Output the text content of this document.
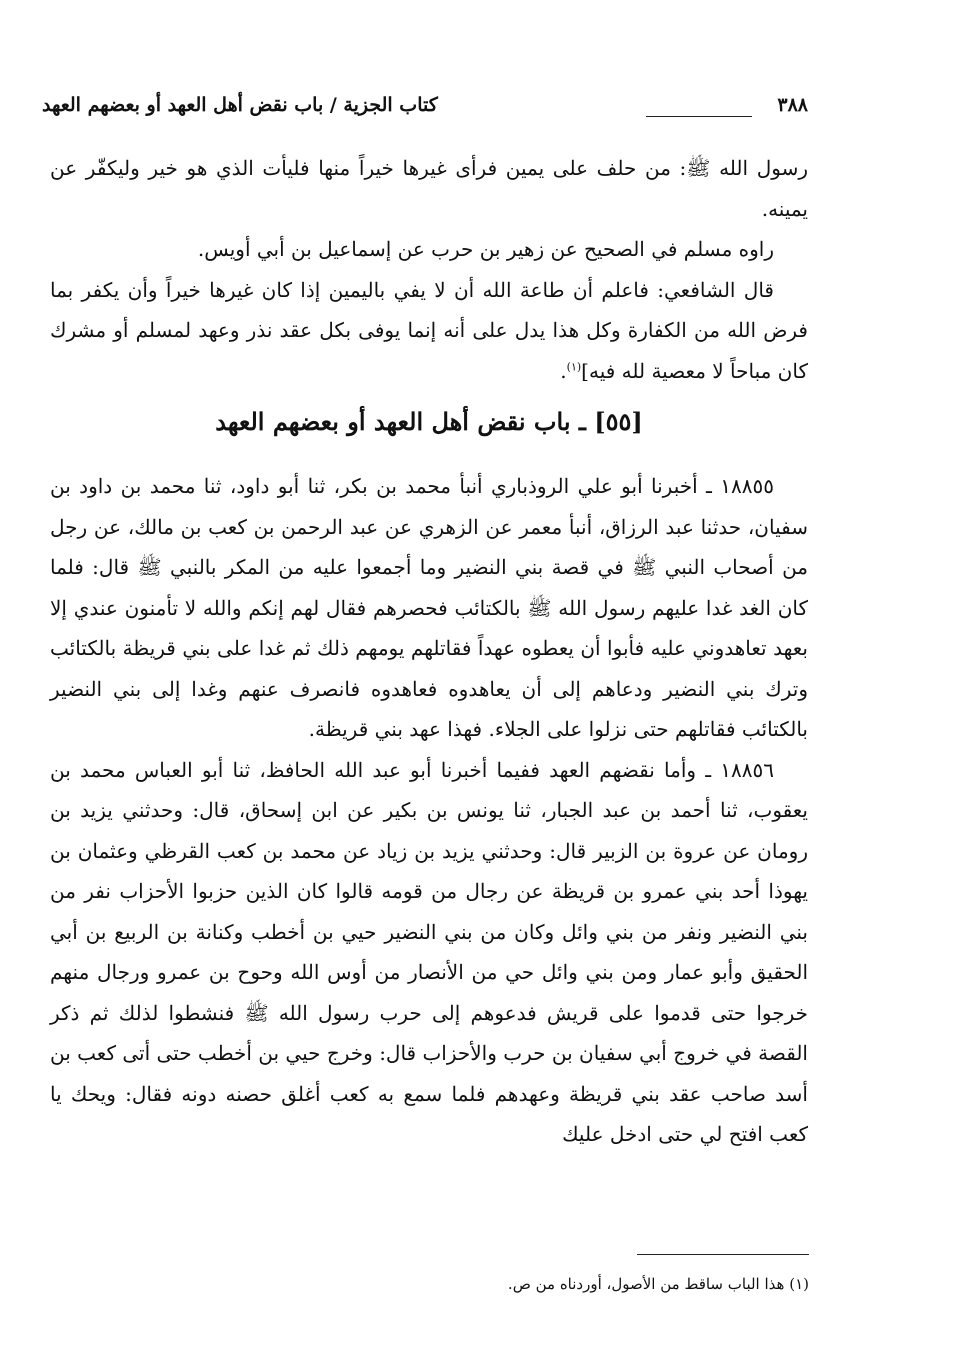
٣٨٨
كتاب الجزية / باب نقض أهل العهد أو بعضهم العهد

رسول الله ﷺ: من حلف على يمين فرأى غيرها خيراً منها فليأت الذي هو خير وليكفّر عن يمينه.

راوه مسلم في الصحيح عن زهير بن حرب عن إسماعيل بن أبي أويس.

قال الشافعي: فاعلم أن طاعة الله أن لا يفي باليمين إذا كان غيرها خيراً وأن يكفر بما فرض الله من الكفارة وكل هذا يدل على أنه إنما يوفى بكل عقد نذر وعهد لمسلم أو مشرك كان مباحاً لا معصية لله فيه]$^{(١)}$.

[٥٥] ـ باب نقض أهل العهد أو بعضهم العهد

١٨٨٥٥ ـ أخبرنا أبو علي الروذباري أنبأ محمد بن بكر، ثنا أبو داود، ثنا محمد بن داود بن سفيان، حدثنا عبد الرزاق، أنبأ معمر عن الزهري عن عبد الرحمن بن كعب بن مالك، عن رجل من أصحاب النبي ﷺ في قصة بني النضير وما أجمعوا عليه من المكر بالنبي ﷺ قال: فلما كان الغد غدا عليهم رسول الله ﷺ بالكتائب فحصرهم فقال لهم إنكم والله لا تأمنون عندي إلا بعهد تعاهدوني عليه فأبوا أن يعطوه عهداً فقاتلهم يومهم ذلك ثم غدا على بني قريظة بالكتائب وترك بني النضير ودعاهم إلى أن يعاهدوه فعاهدوه فانصرف عنهم وغدا إلى بني النضير بالكتائب فقاتلهم حتى نزلوا على الجلاء. فهذا عهد بني قريظة.

١٨٨٥٦ ـ وأما نقضهم العهد ففيما أخبرنا أبو عبد الله الحافظ، ثنا أبو العباس محمد بن يعقوب، ثنا أحمد بن عبد الجبار، ثنا يونس بن بكير عن ابن إسحاق، قال: وحدثني يزيد بن رومان عن عروة بن الزبير قال: وحدثني يزيد بن زياد عن محمد بن كعب القرظي وعثمان بن يهوذا أحد بني عمرو بن قريظة عن رجال من قومه قالوا كان الذين حزبوا الأحزاب نفر من بني النضير ونفر من بني وائل وكان من بني النضير حيي بن أخطب وكنانة بن الربيع بن أبي الحقيق وأبو عمار ومن بني وائل حي من الأنصار من أوس الله وحوح بن عمرو ورجال منهم خرجوا حتى قدموا على قريش فدعوهم إلى حرب رسول الله ﷺ فنشطوا لذلك ثم ذكر القصة في خروج أبي سفيان بن حرب والأحزاب قال: وخرج حيي بن أخطب حتى أتى كعب بن أسد صاحب عقد بني قريظة وعهدهم فلما سمع به كعب أغلق حصنه دونه فقال: ويحك يا كعب افتح لي حتى ادخل عليك

(١) هذا الباب ساقط من الأصول، أوردناه من ص.
